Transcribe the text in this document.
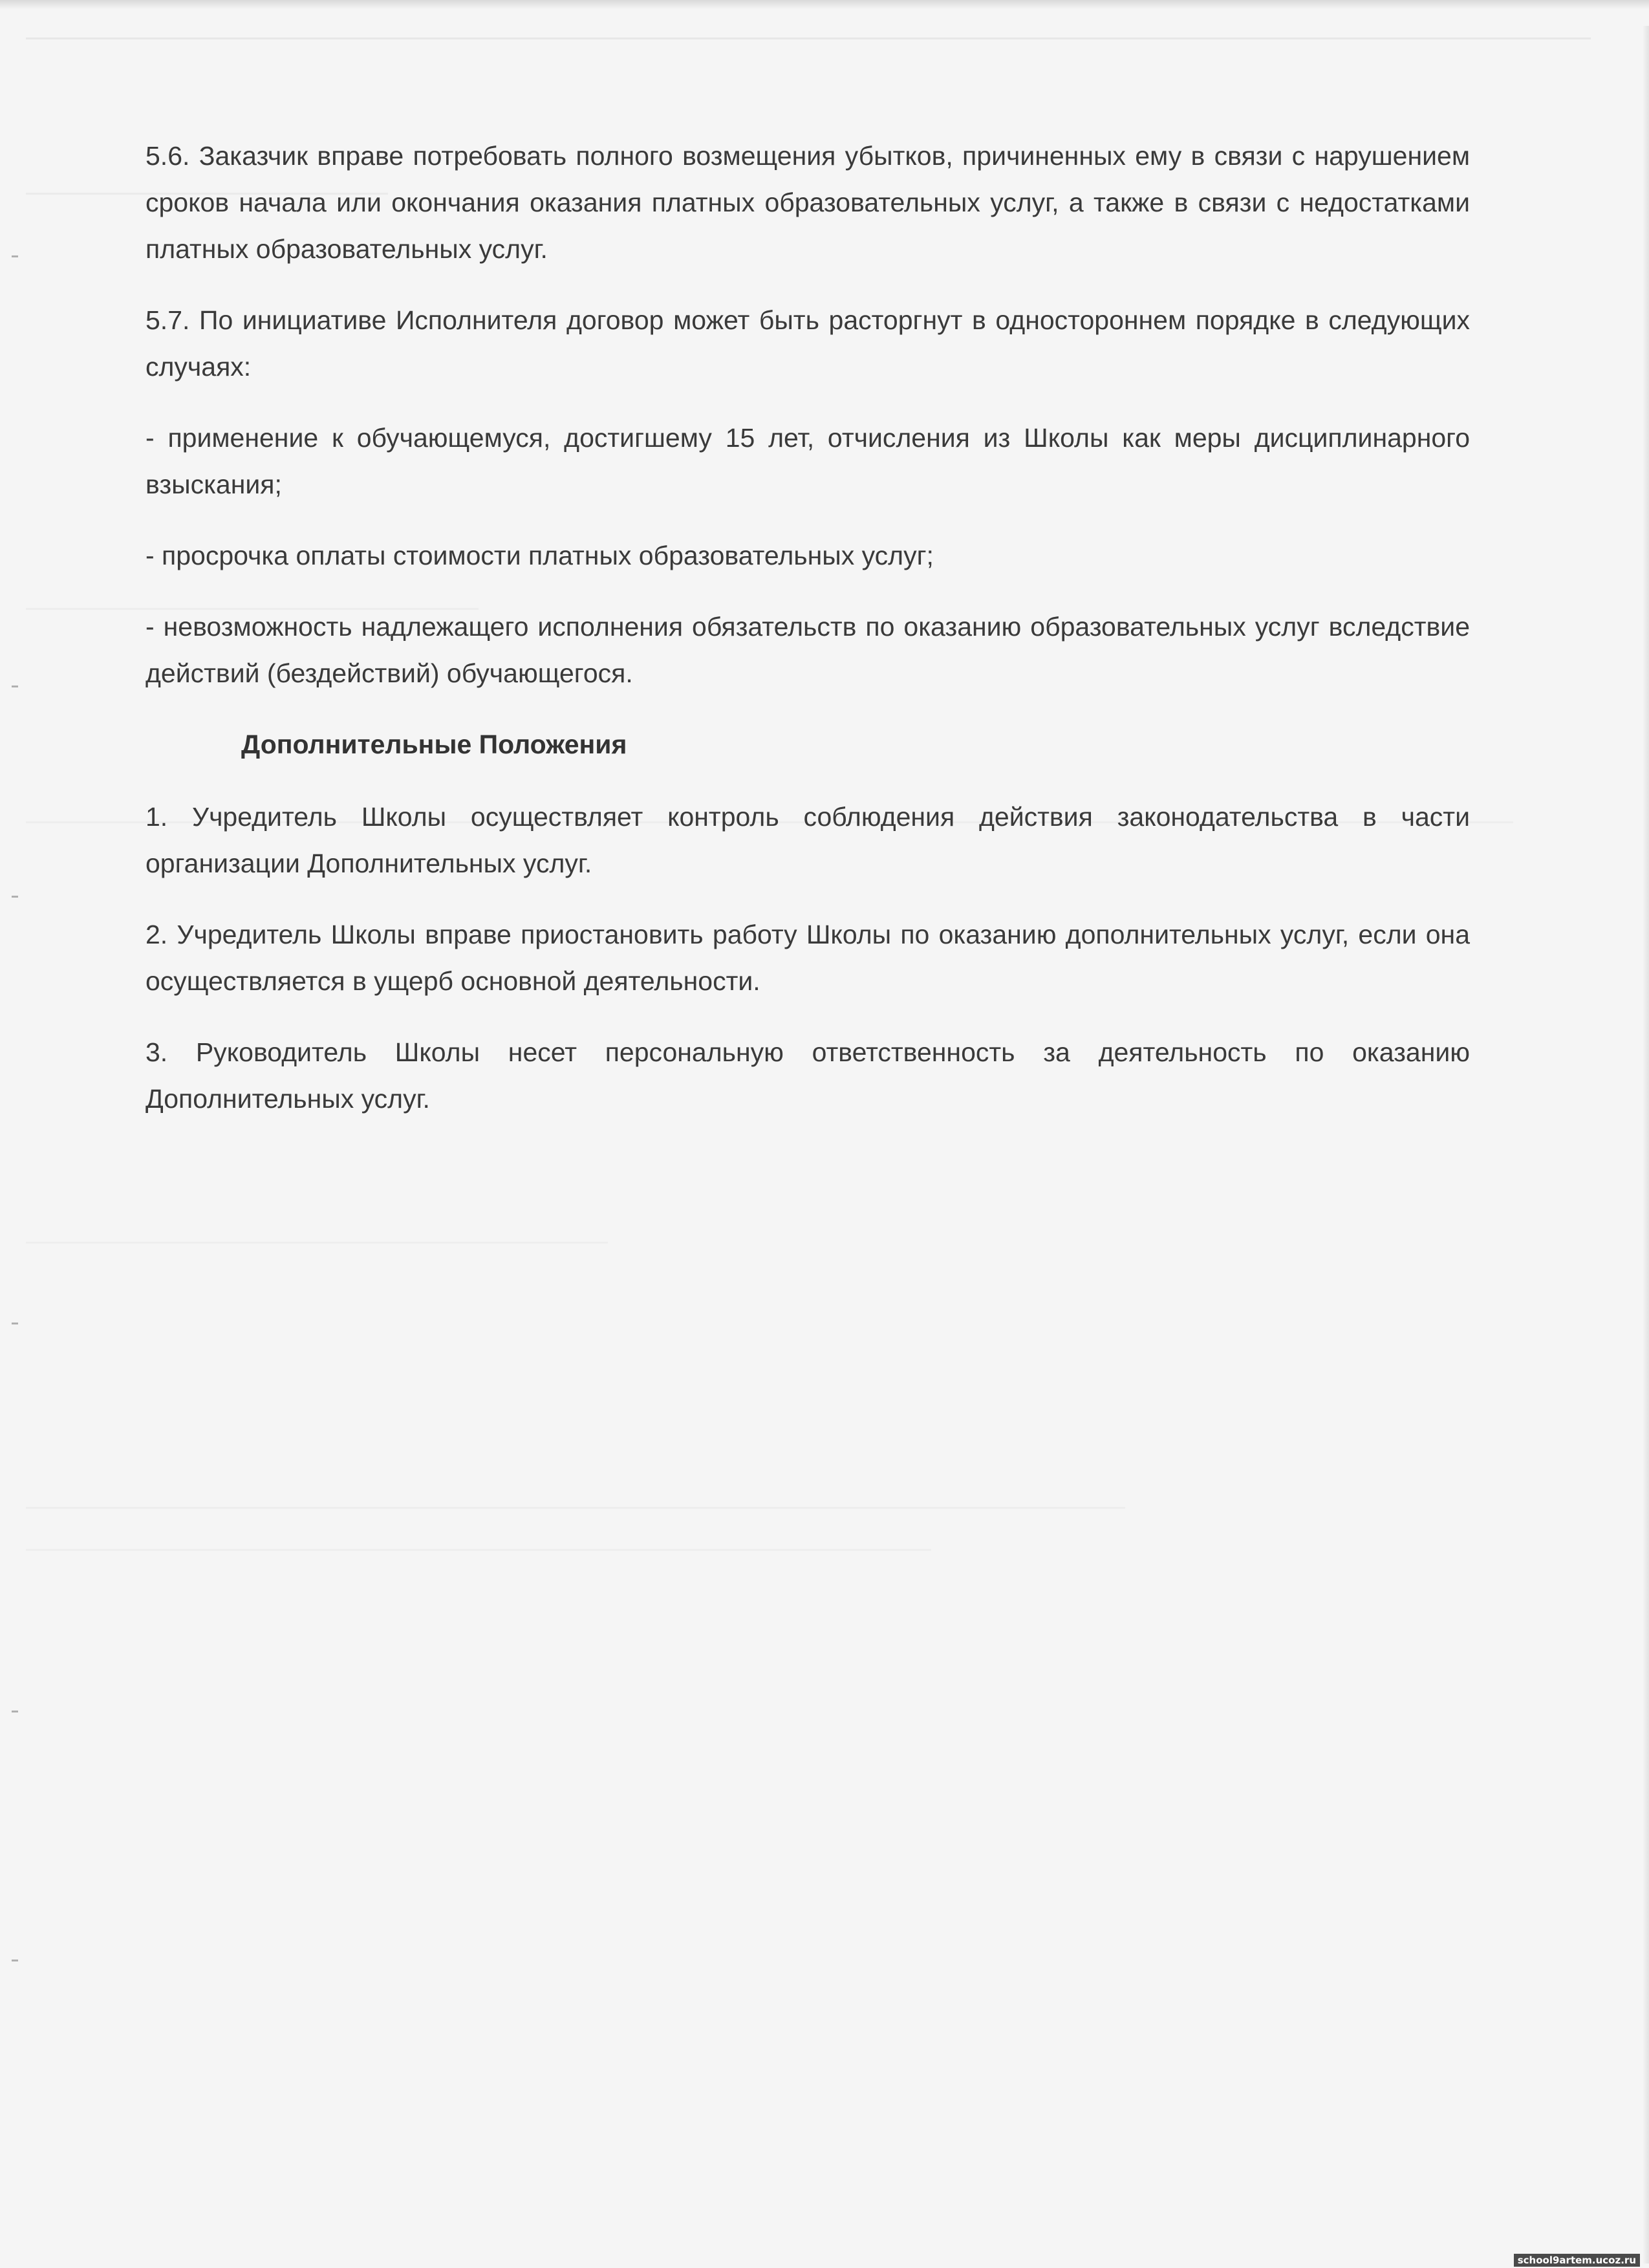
5.6. Заказчик вправе потребовать полного возмещения убытков, причиненных ему в связи с нарушением сроков начала или окончания оказания платных образовательных услуг, а также в связи с недостатками платных образовательных услуг.

5.7. По инициативе Исполнителя договор может быть расторгнут в одностороннем порядке в следующих случаях:

- применение к обучающемуся, достигшему 15 лет, отчисления из Школы как меры дисциплинарного взыскания;

- просрочка оплаты стоимости платных образовательных услуг;

- невозможность надлежащего исполнения обязательств по оказанию образовательных услуг вследствие действий (бездействий) обучающегося.

Дополнительные Положения

1. Учредитель Школы осуществляет контроль соблюдения действия законодательства в части организации Дополнительных услуг.

2. Учредитель Школы вправе приостановить работу Школы по оказанию дополнительных услуг, если она осуществляется в ущерб основной деятельности.

3. Руководитель Школы несет персональную ответственность за деятельность по оказанию Дополнительных услуг.

school9artem.ucoz.ru
